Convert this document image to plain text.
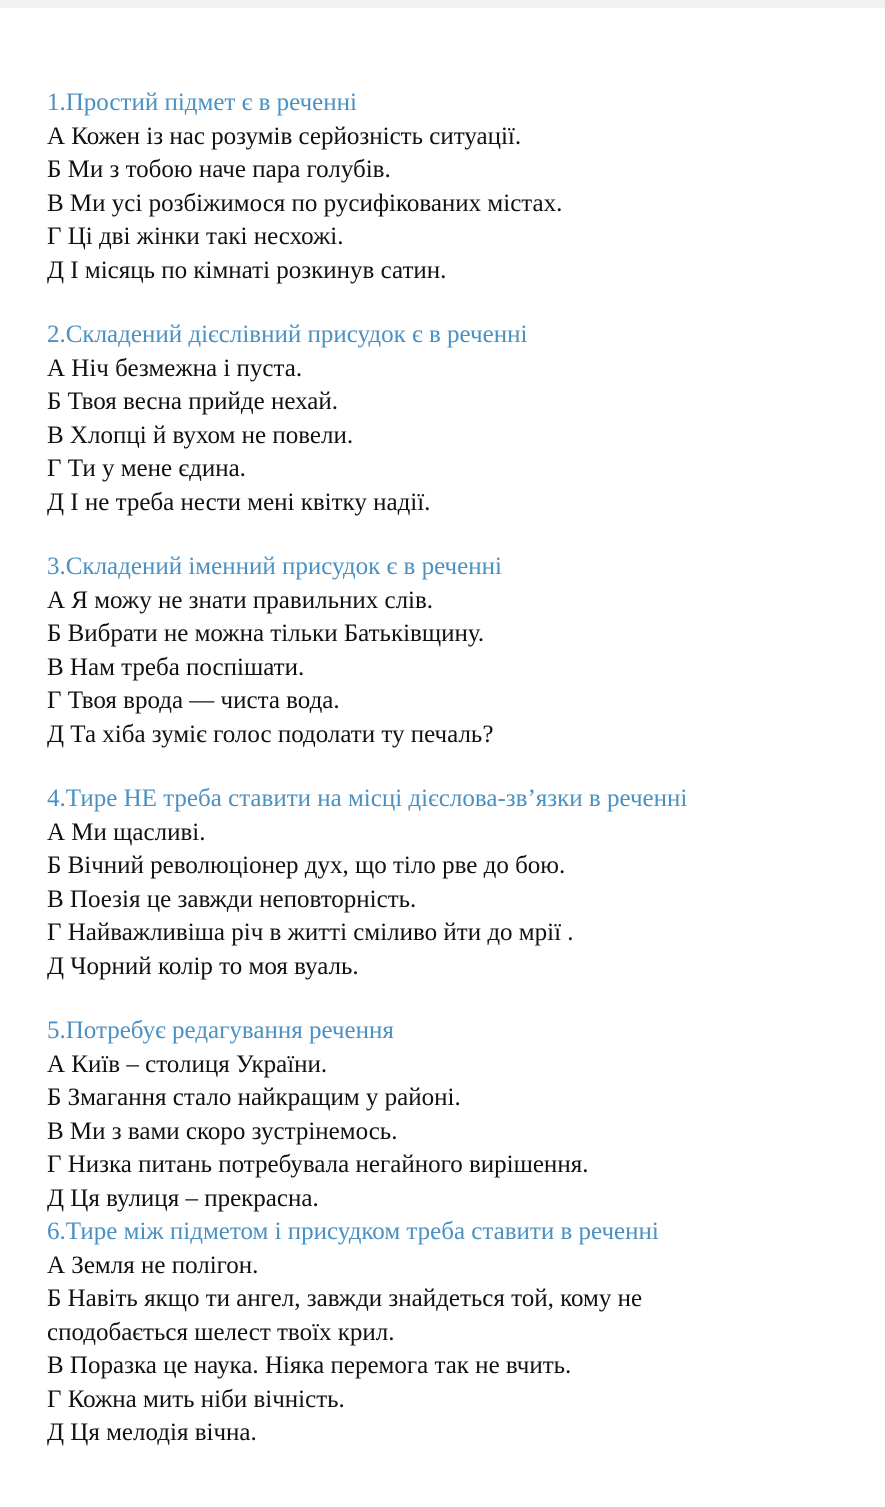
1.Простий підмет є в реченні
А Кожен із нас розумів серйозність ситуації.
Б Ми з тобою наче пара голубів.
В Ми усі розбіжимося по русифікованих містах.
Г Ці дві жінки такі несхожі.
Д І місяць по кімнаті розкинув сатин.
2.Складений дієслівний присудок є в реченні
А Ніч безмежна і пуста.
Б Твоя весна прийде нехай.
В Хлопці й вухом не повели.
Г Ти у мене єдина.
Д І не треба нести мені квітку надії.
3.Складений іменний присудок є в реченні
А Я можу не знати правильних слів.
Б Вибрати не можна тільки Батьківщину.
В Нам треба поспішати.
Г Твоя врода — чиста вода.
Д Та хіба зуміє голос подолати ту печаль?
4.Тире НЕ треба ставити на місці дієслова-зв’язки в реченні
А Ми щасливі.
Б Вічний революціонер дух, що тіло рве до бою.
В Поезія це завжди неповторність.
Г Найважливіша річ в житті сміливо йти до мрії .
Д Чорний колір то моя вуаль.
5.Потребує редагування речення
А Київ – столиця України.
Б Змагання стало найкращим у районі.
В Ми з вами скоро зустрінемось.
Г Низка питань потребувала негайного вирішення.
Д Ця вулиця – прекрасна.
6.Тире між підметом і присудком треба ставити в реченні
А Земля не полігон.
Б Навіть якщо ти ангел, завжди знайдеться той, кому не сподобається шелест твоїх крил.
В Поразка це наука. Ніяка перемога так не вчить.
Г Кожна мить ніби вічність.
Д Ця мелодія вічна.
